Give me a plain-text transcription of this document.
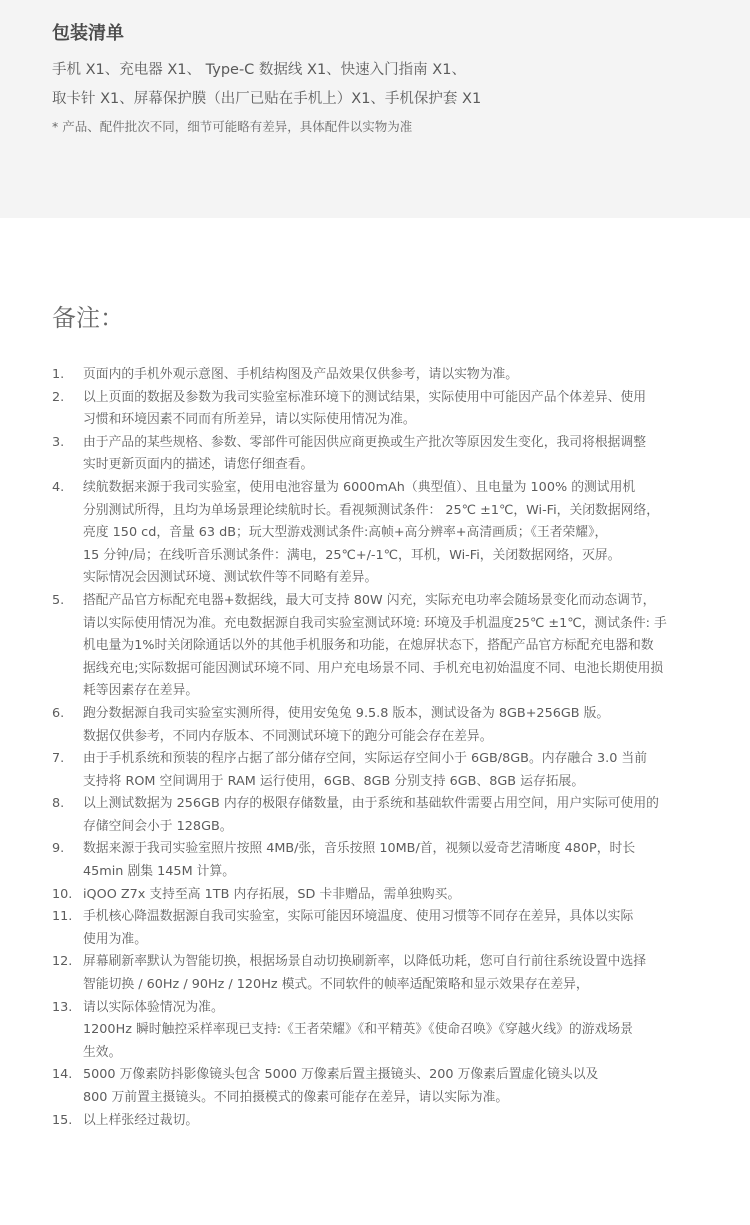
包装清单
手机 X1、充电器 X1、 Type-C 数据线 X1、快速入门指南 X1、
取卡针 X1、屏幕保护膜（出厂已贴在手机上）X1、手机保护套 X1
* 产品、配件批次不同，细节可能略有差异，具体配件以实物为准
备注：
1.	页面内的手机外观示意图、手机结构图及产品效果仅供参考，请以实物为准。
2.	以上页面的数据及参数为我司实验室标准环境下的测试结果，实际使用中可能因产品个体差异、使用
习惯和环境因素不同而有所差异，请以实际使用情况为准。
3.	由于产品的某些规格、参数、零部件可能因供应商更换或生产批次等原因发生变化，我司将根据调整
实时更新页面内的描述，请您仔细查看。
4.	续航数据来源于我司实验室，使用电池容量为 6000mAh（典型值）、且电量为 100% 的测试用机
分别测试所得，且均为单场景理论续航时长。看视频测试条件： 25℃ ±1℃，Wi-Fi，关闭数据网络，
亮度 150 cd，音量 63 dB；玩大型游戏测试条件:高帧+高分辨率+高清画质；《王者荣耀》，
15 分钟/局；在线听音乐测试条件：满电，25℃+/-1℃，耳机，Wi-Fi，关闭数据网络，灭屏。
实际情况会因测试环境、测试软件等不同略有差异。
5.	搭配产品官方标配充电器+数据线，最大可支持 80W 闪充，实际充电功率会随场景变化而动态调节，
请以实际使用情况为准。充电数据源自我司实验室测试环境: 环境及手机温度25℃ ±1℃，测试条件: 手
机电量为1%时关闭除通话以外的其他手机服务和功能，在熄屏状态下，搭配产品官方标配充电器和数
据线充电;实际数据可能因测试环境不同、用户充电场景不同、手机充电初始温度不同、电池长期使用损
耗等因素存在差异。
6.	跑分数据源自我司实验室实测所得，使用安兔兔 9.5.8 版本，测试设备为 8GB+256GB 版。
数据仅供参考，不同内存版本、不同测试环境下的跑分可能会存在差异。
7.	由于手机系统和预装的程序占据了部分储存空间，实际运存空间小于 6GB/8GB。内存融合 3.0 当前
支持将 ROM 空间调用于 RAM 运行使用，6GB、8GB 分别支持 6GB、8GB 运存拓展。
8.	以上测试数据为 256GB 内存的极限存储数量，由于系统和基础软件需要占用空间，用户实际可使用的
存储空间会小于 128GB。
9.	数据来源于我司实验室照片按照 4MB/张，音乐按照 10MB/首，视频以爱奇艺清晰度 480P，时长
45min 剧集 145M 计算。
10. iQOO Z7x 支持至高 1TB 内存拓展，SD 卡非赠品，需单独购买。
11. 手机核心降温数据源自我司实验室，实际可能因环境温度、使用习惯等不同存在差异，具体以实际
使用为准。
12. 屏幕刷新率默认为智能切换，根据场景自动切换刷新率，以降低功耗，您可自行前往系统设置中选择
智能切换 / 60Hz / 90Hz / 120Hz 模式。不同软件的帧率适配策略和显示效果存在差异，
13. 请以实际体验情况为准。
1200Hz 瞬时触控采样率现已支持:《王者荣耀》《和平精英》《使命召唤》《穿越火线》的游戏场景
生效。
14. 5000 万像素防抖影像镜头包含 5000 万像素后置主摄镜头、200 万像素后置虚化镜头以及
800 万前置主摄镜头。不同拍摄模式的像素可能存在差异，请以实际为准。
15. 以上样张经过裁切。
